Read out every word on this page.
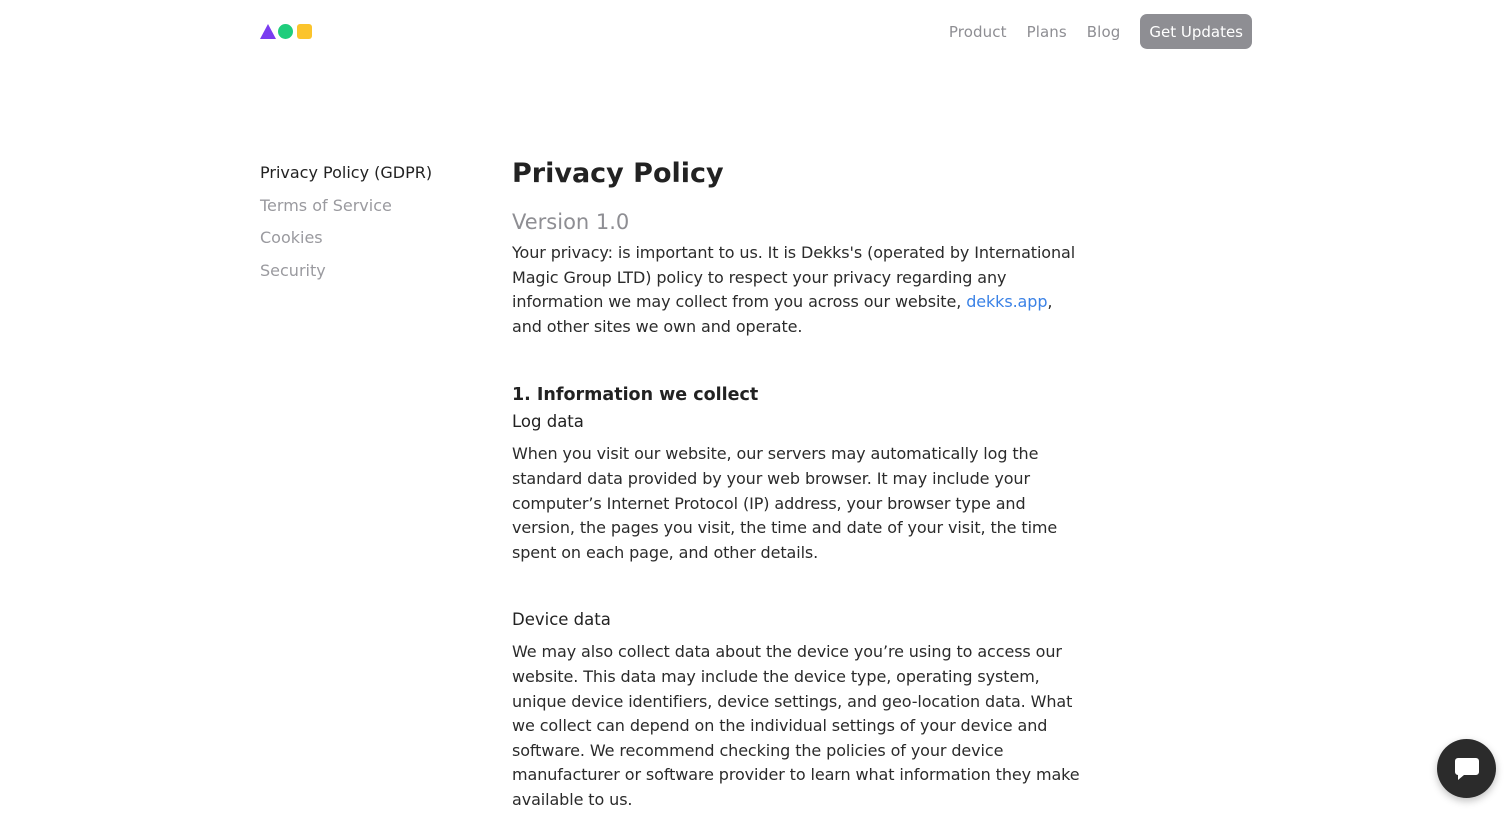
Product Plans Blog	Get Updates
Privacy Policy (GDPR)
Terms of Service
Cookies
Security
Privacy Policy
Version 1.0

Your privacy: is important to us. It is Dekks's (operated by International Magic Group LTD) policy to respect your privacy regarding any information we may collect from you across our website, dekks.app, and other sites we own and operate.

1. Information we collect
Log data

When you visit our website, our servers may automatically log the standard data provided by your web browser. It may include your computer’s Internet Protocol (IP) address, your browser type and version, the pages you visit, the time and date of your visit, the time spent on each page, and other details.

Device data

We may also collect data about the device you’re using to access our website. This data may include the device type, operating system, unique device identifiers, device settings, and geo-location data. What we collect can depend on the individual settings of your device and software. We recommend checking the policies of your device manufacturer or software provider to learn what information they make available to us.
